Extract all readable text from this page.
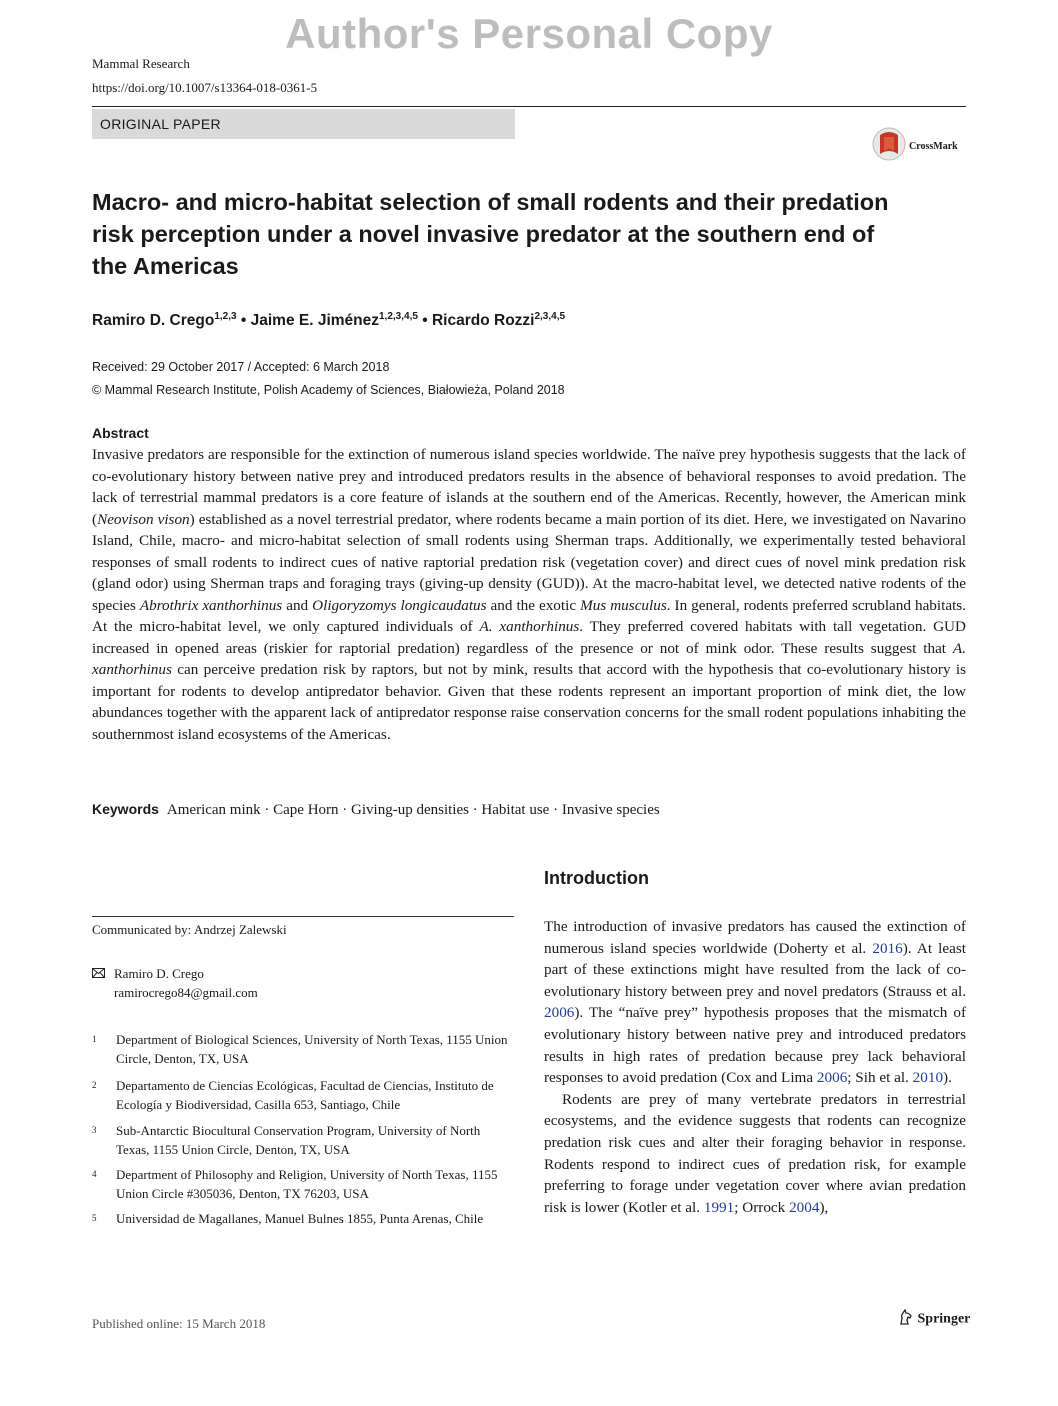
Author's Personal Copy
Mammal Research
https://doi.org/10.1007/s13364-018-0361-5
ORIGINAL PAPER
CrossMark
Macro- and micro-habitat selection of small rodents and their predation risk perception under a novel invasive predator at the southern end of the Americas
Ramiro D. Crego$^{1,2,3}$ • Jaime E. Jiménez$^{1,2,3,4,5}$ • Ricardo Rozzi$^{2,3,4,5}$
Received: 29 October 2017 / Accepted: 6 March 2018
© Mammal Research Institute, Polish Academy of Sciences, Białowieża, Poland 2018
Abstract
Invasive predators are responsible for the extinction of numerous island species worldwide. The naïve prey hypothesis suggests that the lack of co-evolutionary history between native prey and introduced predators results in the absence of behavioral responses to avoid predation. The lack of terrestrial mammal predators is a core feature of islands at the southern end of the Americas. Recently, however, the American mink (Neovison vison) established as a novel terrestrial predator, where rodents became a main portion of its diet. Here, we investigated on Navarino Island, Chile, macro- and micro-habitat selection of small rodents using Sherman traps. Additionally, we experimentally tested behavioral responses of small rodents to indirect cues of native raptorial predation risk (vegetation cover) and direct cues of novel mink predation risk (gland odor) using Sherman traps and foraging trays (giving-up density (GUD)). At the macro-habitat level, we detected native rodents of the species Abrothrix xanthorhinus and Oligoryzomys longicaudatus and the exotic Mus musculus. In general, rodents preferred scrubland habitats. At the micro-habitat level, we only captured individuals of A. xanthorhinus. They preferred covered habitats with tall vegetation. GUD increased in opened areas (riskier for raptorial predation) regardless of the presence or not of mink odor. These results suggest that A. xanthorhinus can perceive predation risk by raptors, but not by mink, results that accord with the hypothesis that co-evolutionary history is important for rodents to develop antipredator behavior. Given that these rodents represent an important proportion of mink diet, the low abundances together with the apparent lack of antipredator response raise conservation concerns for the small rodent populations inhabiting the southernmost island ecosystems of the Americas.
Keywords American mink · Cape Horn · Giving-up densities · Habitat use · Invasive species
Introduction

The introduction of invasive predators has caused the extinction of numerous island species worldwide (Doherty et al. 2016). At least part of these extinctions might have resulted from the lack of co-evolutionary history between prey and novel predators (Strauss et al. 2006). The “naïve prey” hypothesis proposes that the mismatch of evolutionary history between native prey and introduced predators results in high rates of predation because prey lack behavioral responses to avoid predation (Cox and Lima 2006; Sih et al. 2010).

Rodents are prey of many vertebrate predators in terrestrial ecosystems, and the evidence suggests that rodents can recognize predation risk cues and alter their foraging behavior in response. Rodents respond to indirect cues of predation risk, for example preferring to forage under vegetation cover where avian predation risk is lower (Kotler et al. 1991; Orrock 2004),

Communicated by: Andrzej Zalewski
Ramiro D. Crego
ramirocrego84@gmail.com
1 Department of Biological Sciences, University of North Texas, 1155 Union Circle, Denton, TX, USA
2 Departamento de Ciencias Ecológicas, Facultad de Ciencias, Instituto de Ecología y Biodiversidad, Casilla 653, Santiago, Chile
3 Sub-Antarctic Biocultural Conservation Program, University of North Texas, 1155 Union Circle, Denton, TX, USA
4 Department of Philosophy and Religion, University of North Texas, 1155 Union Circle #305036, Denton, TX 76203, USA
5 Universidad de Magallanes, Manuel Bulnes 1855, Punta Arenas, Chile
Published online: 15 March 2018	Springer
